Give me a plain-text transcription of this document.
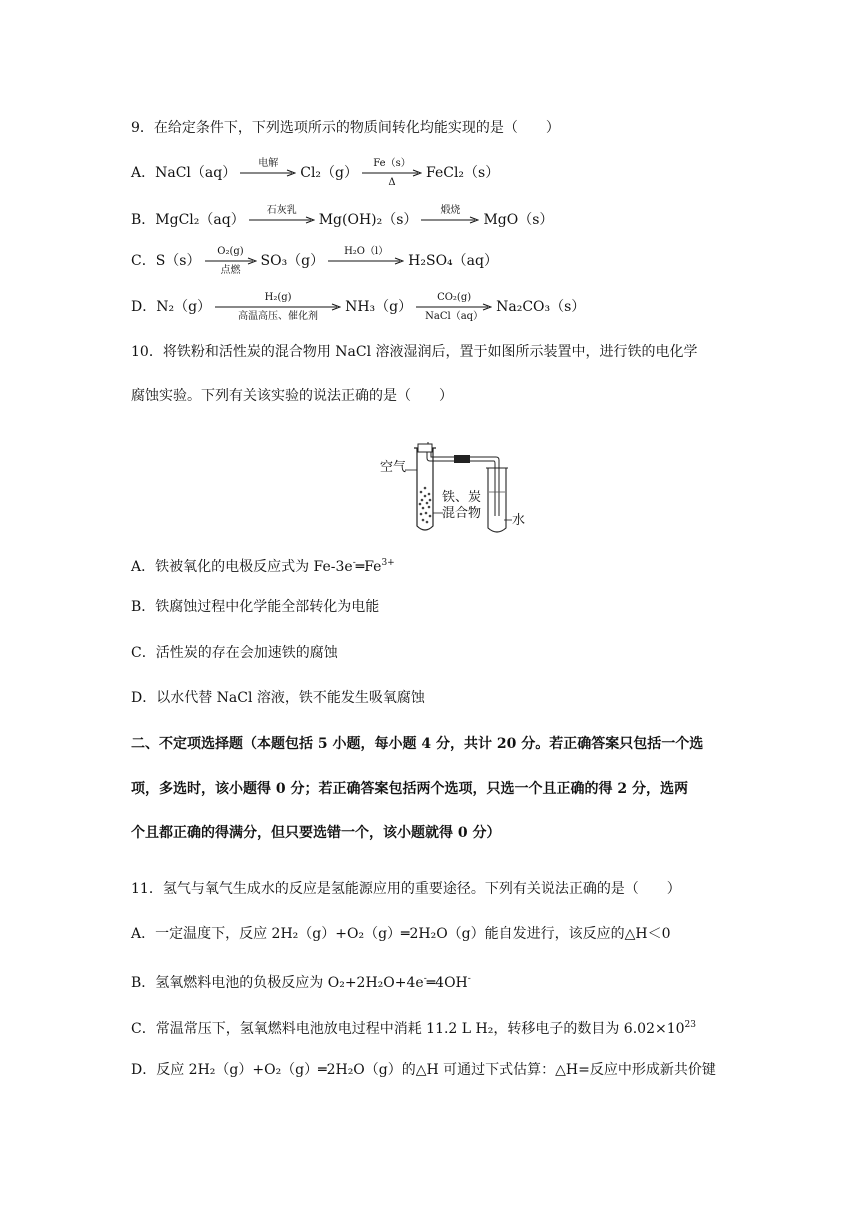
9．在给定条件下，下列选项所示的物质间转化均能实现的是（　　）
A．NaCl（aq）
电解
Cl₂（g）
Fe（s）
Δ
FeCl₂（s）
B．MgCl₂（aq）
石灰乳
Mg(OH)₂（s）
煅烧
MgO（s）
C．S（s）
O₂(g)
点燃
SO₃（g）
H₂O（l）
H₂SO₄（aq）
D．N₂（g）
H₂(g)
高温高压、催化剂
NH₃（g）
CO₂(g)
NaCl（aq）
Na₂CO₃（s）
10．将铁粉和活性炭的混合物用 NaCl 溶液湿润后，置于如图所示装置中，进行铁的电化学
腐蚀实验。下列有关该实验的说法正确的是（　　）
空气
铁、炭
混合物 水
A．铁被氧化的电极反应式为 $Fe-3e^-═Fe^{3+}$
B．铁腐蚀过程中化学能全部转化为电能
C．活性炭的存在会加速铁的腐蚀
D．以水代替 NaCl 溶液，铁不能发生吸氧腐蚀
二、不定项选择题（本题包括 5 小题，每小题 4 分，共计 20 分。若正确答案只包括一个选
项，多选时，该小题得 0 分；若正确答案包括两个选项，只选一个且正确的得 2 分，选两
个且都正确的得满分，但只要选错一个，该小题就得 0 分）
11．氢气与氧气生成水的反应是氢能源应用的重要途径。下列有关说法正确的是（　　）
A．一定温度下，反应 2H₂（g）+O₂（g）═2H₂O（g）能自发进行，该反应的△H＜0
B．氢氧燃料电池的负极反应为 O₂+2H₂O+4e-═4OH-
C．常温常压下，氢氧燃料电池放电过程中消耗 11.2 L H₂，转移电子的数目为 $6.02\times 10^{23}$
D．反应 2H₂（g）+O₂（g）═2H₂O（g）的△H 可通过下式估算：△H=反应中形成新共价键
